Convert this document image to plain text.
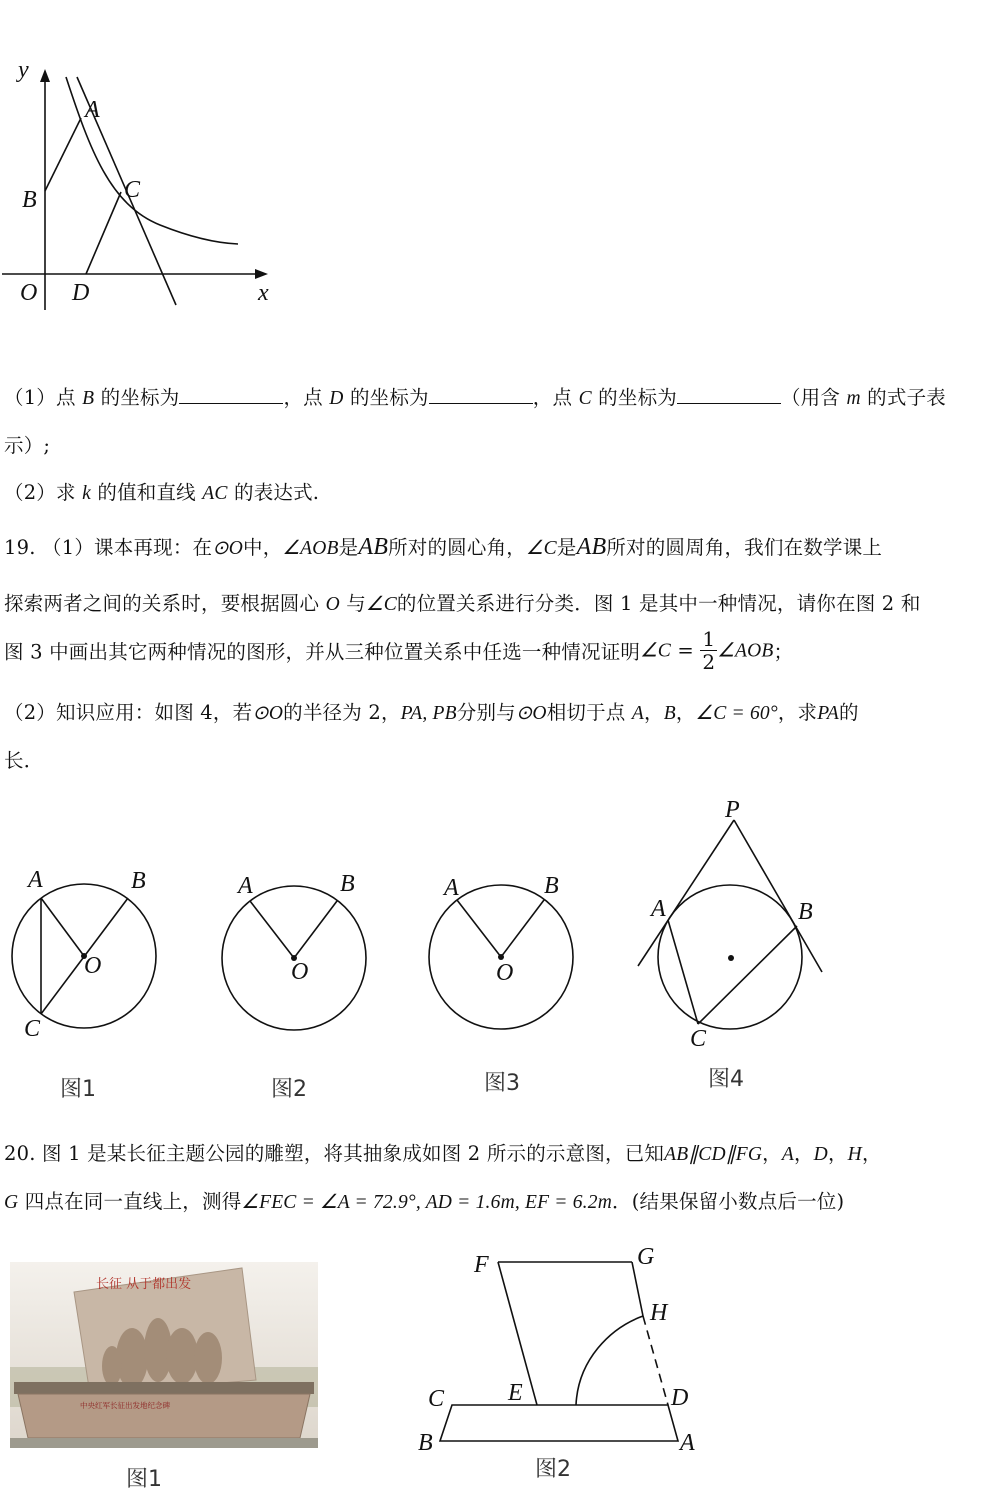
y
x
A
B	C
O D
（1）点 B 的坐标为	，点 D 的坐标为	，点 C 的坐标为	（用含 m 的式子表
示）;
（2）求 k 的值和直线 AC 的表达式.
19. （1）课本再现：在⊙O中，∠AOB是AB所对的圆心角，∠C是AB所对的圆周角，我们在数学课上
探索两者之间的关系时，要根据圆心 O 与∠C的位置关系进行分类．图 1 是其中一种情况，请你在图 2 和
图 3 中画出其它两种情况的图形，并从三种位置关系中任选一种情况证明∠C = $\frac{1}{2}$ ∠AOB；
（2）知识应用：如图 4，若⊙O的半径为 2，PA, PB分别与⊙O相切于点 A，B，∠C = 60°，求PA的
长．
A	B
O
C
图1
A	B
O
图2
A	B
O
图3
P
A	B
C
图4
20. 图 1 是某长征主题公园的雕塑，将其抽象成如图 2 所示的示意图，已知AB∥CD∥FG，A，D，H，
G 四点在同一直线上，测得∠FEC = ∠A = 72.9°, AD = 1.6m, EF = 6.2m．(结果保留小数点后一位)
长征 从于都出发
中央红军长征出发地纪念碑
图1
F	G
H
E
C	D
B	A
图2
